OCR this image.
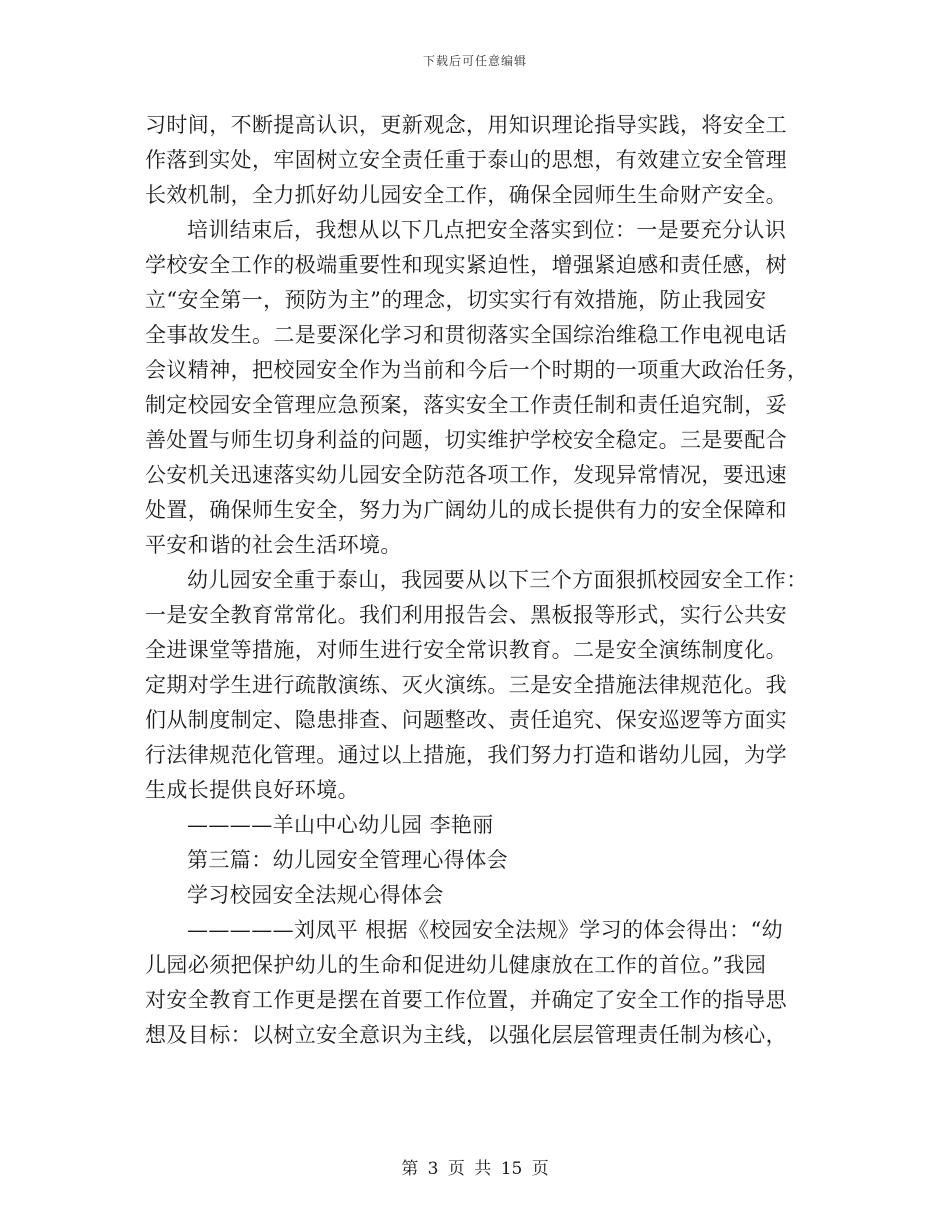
下载后可任意编辑
习时间，不断提高认识，更新观念，用知识理论指导实践，将安全工
作落到实处，牢固树立安全责任重于泰山的思想，有效建立安全管理
长效机制，全力抓好幼儿园安全工作，确保全园师生生命财产安全。
培训结束后，我想从以下几点把安全落实到位：一是要充分认识
学校安全工作的极端重要性和现实紧迫性，增强紧迫感和责任感，树
立“安全第一，预防为主”的理念，切实实行有效措施，防止我园安
全事故发生。二是要深化学习和贯彻落实全国综治维稳工作电视电话
会议精神，把校园安全作为当前和今后一个时期的一项重大政治任务，
制定校园安全管理应急预案，落实安全工作责任制和责任追究制，妥
善处置与师生切身利益的问题，切实维护学校安全稳定。三是要配合
公安机关迅速落实幼儿园安全防范各项工作，发现异常情况，要迅速
处置，确保师生安全，努力为广阔幼儿的成长提供有力的安全保障和
平安和谐的社会生活环境。
幼儿园安全重于泰山，我园要从以下三个方面狠抓校园安全工作：
一是安全教育常常化。我们利用报告会、黑板报等形式，实行公共安
全进课堂等措施，对师生进行安全常识教育。二是安全演练制度化。
定期对学生进行疏散演练、灭火演练。三是安全措施法律规范化。我
们从制度制定、隐患排查、问题整改、责任追究、保安巡逻等方面实
行法律规范化管理。通过以上措施，我们努力打造和谐幼儿园，为学
生成长提供良好环境。
————羊山中心幼儿园 李艳丽
第三篇：幼儿园安全管理心得体会
学习校园安全法规心得体会
—————刘凤平 根据《校园安全法规》学习的体会得出：“幼
儿园必须把保护幼儿的生命和促进幼儿健康放在工作的首位。”我园
对安全教育工作更是摆在首要工作位置，并确定了安全工作的指导思
想及目标：以树立安全意识为主线，以强化层层管理责任制为核心，
第 3 页 共 15 页
